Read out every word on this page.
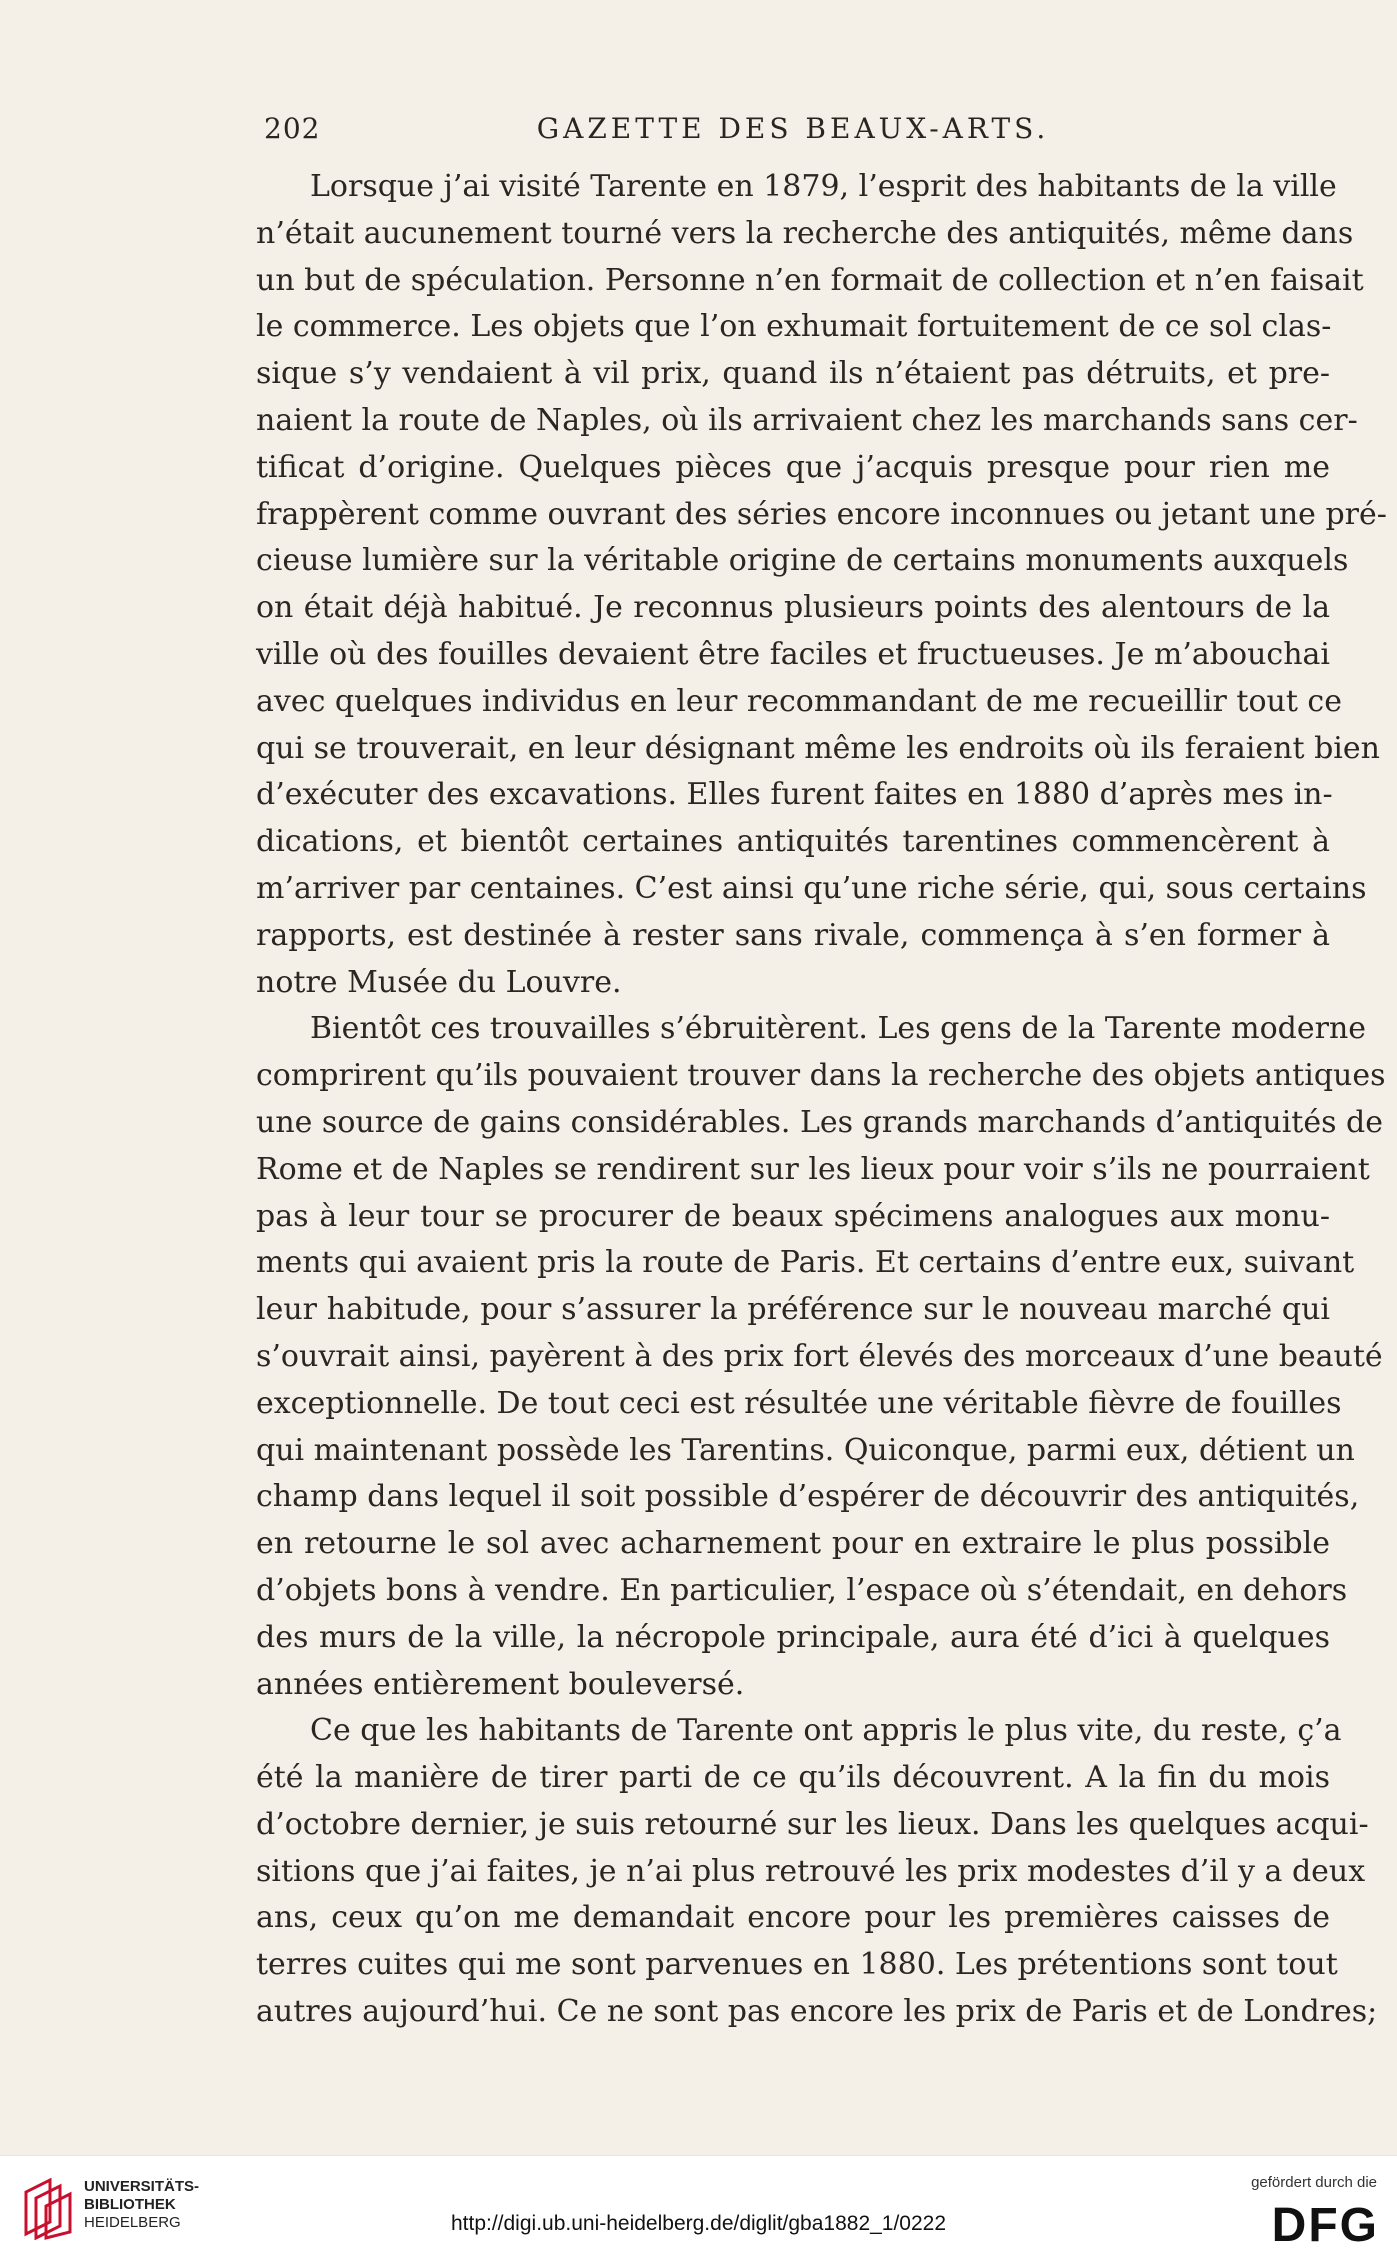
202	GAZETTE DES BEAUX-ARTS.
Lorsque j’ai visité Tarente en 1879, l’esprit des habitants de la ville
n’était aucunement tourné vers la recherche des antiquités, même dans
un but de spéculation. Personne n’en formait de collection et n’en faisait
le commerce. Les objets que l’on exhumait fortuitement de ce sol clas-
sique s’y vendaient à vil prix, quand ils n’étaient pas détruits, et pre-
naient la route de Naples, où ils arrivaient chez les marchands sans cer-
tificat d’origine. Quelques pièces que j’acquis presque pour rien me
frappèrent comme ouvrant des séries encore inconnues ou jetant une pré-
cieuse lumière sur la véritable origine de certains monuments auxquels
on était déjà habitué. Je reconnus plusieurs points des alentours de la
ville où des fouilles devaient être faciles et fructueuses. Je m’abouchai
avec quelques individus en leur recommandant de me recueillir tout ce
qui se trouverait, en leur désignant même les endroits où ils feraient bien
d’exécuter des excavations. Elles furent faites en 1880 d’après mes in-
dications, et bientôt certaines antiquités tarentines commencèrent à
m’arriver par centaines. C’est ainsi qu’une riche série, qui, sous certains
rapports, est destinée à rester sans rivale, commença à s’en former à
notre Musée du Louvre.
Bientôt ces trouvailles s’ébruitèrent. Les gens de la Tarente moderne
comprirent qu’ils pouvaient trouver dans la recherche des objets antiques
une source de gains considérables. Les grands marchands d’antiquités de
Rome et de Naples se rendirent sur les lieux pour voir s’ils ne pourraient
pas à leur tour se procurer de beaux spécimens analogues aux monu-
ments qui avaient pris la route de Paris. Et certains d’entre eux, suivant
leur habitude, pour s’assurer la préférence sur le nouveau marché qui
s’ouvrait ainsi, payèrent à des prix fort élevés des morceaux d’une beauté
exceptionnelle. De tout ceci est résultée une véritable fièvre de fouilles
qui maintenant possède les Tarentins. Quiconque, parmi eux, détient un
champ dans lequel il soit possible d’espérer de découvrir des antiquités,
en retourne le sol avec acharnement pour en extraire le plus possible
d’objets bons à vendre. En particulier, l’espace où s’étendait, en dehors
des murs de la ville, la nécropole principale, aura été d’ici à quelques
années entièrement bouleversé.
Ce que les habitants de Tarente ont appris le plus vite, du reste, ç’a
été la manière de tirer parti de ce qu’ils découvrent. A la fin du mois
d’octobre dernier, je suis retourné sur les lieux. Dans les quelques acqui-
sitions que j’ai faites, je n’ai plus retrouvé les prix modestes d’il y a deux
ans, ceux qu’on me demandait encore pour les premières caisses de
terres cuites qui me sont parvenues en 1880. Les prétentions sont tout
autres aujourd’hui. Ce ne sont pas encore les prix de Paris et de Londres;
UNIVERSITÄTS-
BIBLIOTHEK
HEIDELBERG	http://digi.ub.uni-heidelberg.de/diglit/gba1882_1/0222
gefördert durch die
DFG
